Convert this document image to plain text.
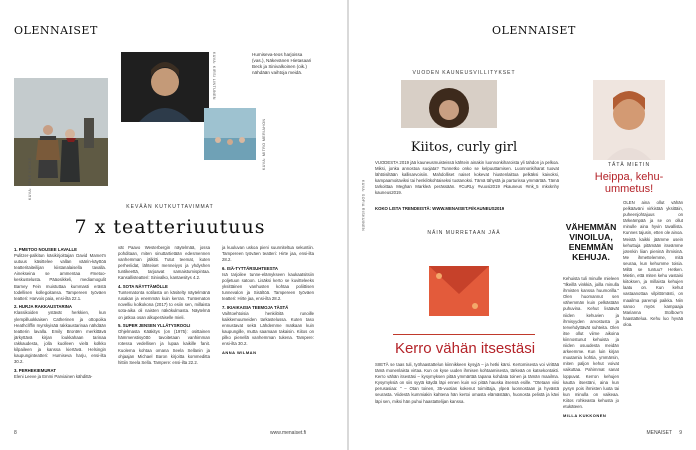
OLENNAISET
Humiseva-teos harjoissa (vas.), Näkevänen Hietasaari Beck ja Sinivalkoinen (oik.) nähdään vaihtoja meidä.
KUVA: KIRSI LINTUNEN
KUVA: RENE VINCKE
KUVA: MITRO MERIAHON
KEVÄÄN KUTKUTTAVIMMAT
7 x teatteriuutuus
1. PMETOO NOUSEE LAVALLE

Pulitzer-palkitun käsikirjoittajan David Mamet'n uutuus käsittelee vallan väärin-käyttöä teatteritaiteilijan kiistanalaisella tavalla. Ainekseina se ammentaa #metoo-keskustelusta. Pääosikkeli, mediamogulit Barney Fein muistuttaa kummasti erästä todellisen kollegoitansa. Tampereen työväen teatteri: Harvois paia, ensi-ilta 22.1.

2. HURJA RAKKAUSTARINA

Klassikoiden ystävät herkkien, kun ylempilluokkaisen Catherinen ja ottopoika Heathcliffin myrskyisää rakkaustarinaa nähdään teatterin lavalla. Emily Brontën merkittävä järkyttävä kirjan loukkahaan tarinaa rakkaudesta, jolla kuolleen vielä kolkko kilpaileen ja kanssa kiertävä. Helsingin kaupunginteatteri: Humiseva harju, ensi-ilta 30.2.

3. PERHEKIEMURAT

Eleni Leeve ja Emmi Parviainen kähdittä-

vät Paavo Westerbergin näytelmää, jossa pohditaan, miten sinuttartietään edesmennen vanhemman jälkitti. Tutut teemat, kuten perheriidat, lähteiset menneiyys ja yhdyshen tuntikeettä, tarjoavat samaistumispintaa. Kansallisteatteri: Sinivalko, kantaesitys 4.2.

4. SOTA NÄYTTÄMÖLLE

Tuntematonta sotilasta on käsitelty näytelmänä rusakan ja enemmän kuin kerran. Tuntematon novelliu kolkokona (2017) to esiin sen, millaista sota-aika oli naisten näkökulmasta. Näytelmä on jatkoa osan alkuperäiselle mieli.

5. SUPER JENSEN YLLÄTYSROOLI

Ohjelmasta Kääkitys (on (1975): osittainen hämmenstisyöttö tavoitetaan vanhimman rotessa vedellisen ja lupaa kaikille fanit. Kuolema kohtaa omana Seela Sellanin ja ohjaajan Michael Baron kirjoitta kommeditta hittiin Seela Sella. Tampere: ensi-ilta 22.2.

ja kuuluvan uskoa pieni suunniteltua sekuntiin. Tampereen työväen teatteri: Hirte jaa, ensi-ilta 28.2.

6. ISÄ-TYTTÄRSUHTEESTA

Isä tarjoilee tunne-elämykseen kaukaatsitsiin poljetuun satoon. Lisäksi kerto se kuvitteleeks yksittäinen vanhusten kohtaa poliittisen tunnevalon ja Sisältöä. Tampereen työväen teatteri: Hirte jaa, ensi-ilta 28.2.

7. IKIAIKAISIA TEEMOJA TÄSTÄ

Vaihtoehtoisia henkilöitä runoille kaikkemuumeiden tarkastelussa. Kuten taso ennustavat sekä Lähdemme matkaan kuin kaupungille, mutta saamaan takaisin. Kiitos on pilko pienellä vanhemman tukena. Tampere: ensi-ilta 30.2.

ANNA WILMAN
8	www.menaiset.fi
OLENNAISET
VUODEN KAUNEUSVILLITYKSET
Kiitos, curly girl

VUODESTA 2019 jää kauneusmuisteissä kähtein ainakin luonnonkiharoista yli tahdon ja pelkoa. Miksi, jonka annostoa suojata? Tunnetko onko se kelpuuttamisen. Luonnonkiharat tuovat lähtöisiltään kallisarvoisiin. Mahdolliset naiset kokevat hiustenlaittoa pelkäksi kaivoksi, kampaamoitaviksi tai henkilökohtaiseksi tuotanoksi. Tämä tähystä ja parturissa ymmärtää. Tämä tarkoittaa Meghan Markleä perässään. #CuRLy #vuosi2019 #kauneus #mk_5 mkxknhy kauneus2019.

KOKO LISTA TRENDEISTÄ: WWW.MENAISET.FI/KAUNEUS2019
NÄIN MURRETAAN JÄÄ
Kerro vähän itsestäsi

SIIETÄ se taas tuli, työhaastattelun kiinnikkeen kysyjä – ja hetki kärsi. Kertomisesta voi virittää tämä monenlaista virtaa. Kun on kyse uuden ihmisen kohtaamisesta, tärkeää on katsekontakti. Kerro vähän itsestäsi – kysymyksen pitää ymmärtää tapana kohdata toinen ja tämän maailma. Kysymyksiä on siis syytä käydä läpi ennen kuin voi pitää hauska itsensä esille. "Otetaan viisi perusasiaa: " – Otan toinen, 35-vuotias kokenut toimittaja, ylpeä luonnostaan ja hyvästä seurasta. Viidestä kummiakin kahtena hän kertoi omasta elämästään, huonosta pelistä ja kävi läpi sen, miksi hän puhui haastattelijan kanssa.

KUVA: SOFIA RISKUINEN
TÄTÄ MIETIN
Heippa, kehu-ummetus!
VÄHEMMÄN VINOILUA, ENEMMÄN KEHUJA.

OLEN aina ollut vähän pelkääväni virkistää yksittäin, puheenjohtajuus on tärkeämpää ja se on ollut minulle aina hyvin tavallista. Kunnes tajusin, etten ole ainoa. Meistä kaikki jäämme usein kehuttuja pitämään itseämme jotenkin liian pieninä ihmisinä. Me ihmettelemme, mitä seuraa, kun kehumme toisia. Miltä se tuntuu? Hetken. Mietin, että miten kehu vastaisi kiitoksen, ja millaista kehujen laatu on. Kun kehut vastaanottaa vilpittömästi, on maailma parempi paikka. Niin sanoo myös kampaaja Marianna Stolbow'n haastattelua. Kehu luo hyvää oloa.

Kehuista tuli minulle mieleen "Ilkeillä vinkkiä, joilla minulla ihmisten kanssa huumorilla." Olen huomannut sen vähemmän kuin pelkästään puhuvina. Kehut lisäävät niiden kehuvien ja ihmisyyden arvostusta ja tervehdyttävät suhteita. Olen itse ollut viime aikoina kiinnostunut kehuista ja niiden osuudesta meidän arkeemme. Kun luin kirjan muutamia kohtia, ymmärsin, miten paljon kehut voivat vaikuttaa. Pahimmat sanat loppuvat. Kerron kehujen kautta itsestäni, aina kun pysyn pois ihmisten luota tai kun minulla on vaikeaa. Kiitos rohkeasta kehusta jo etukäteen.

MILLA KUKKONEN
MENAISET 9
